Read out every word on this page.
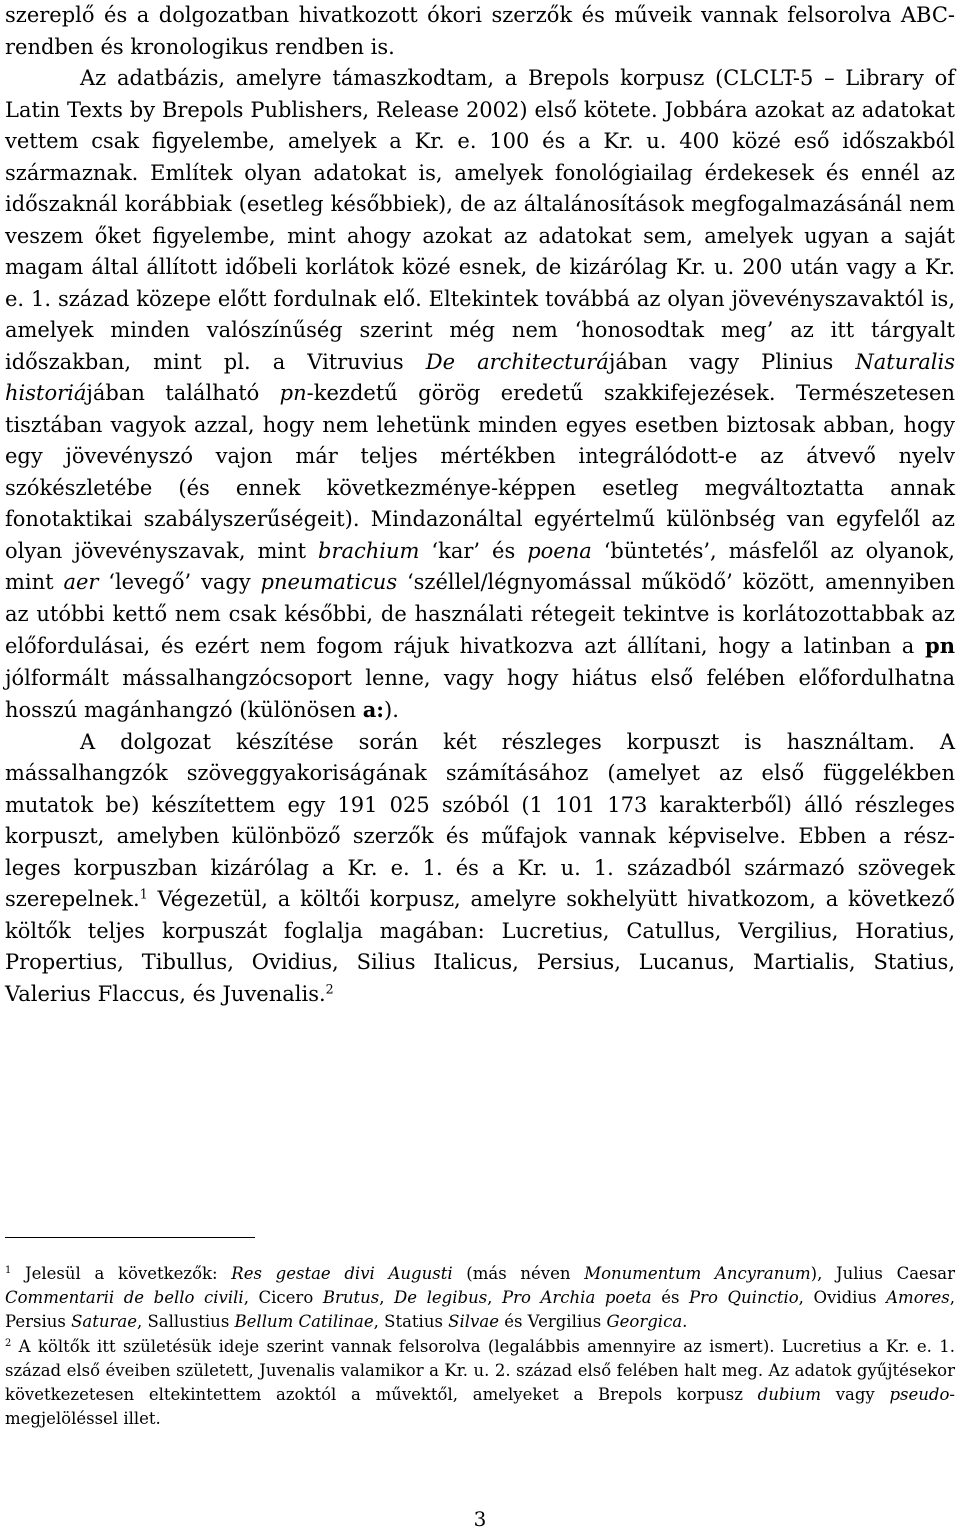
szereplő és a dolgozatban hivatkozott ókori szerzők és műveik vannak felsorolva ABC-rendben és kronologikus rendben is.

Az adatbázis, amelyre támaszkodtam, a Brepols korpusz (CLCLT-5 – Library of Latin Texts by Brepols Publishers, Release 2002) első kötete. Jobbára azokat az adatokat vettem csak figyelembe, amelyek a Kr. e. 100 és a Kr. u. 400 közé eső időszakból származnak. Említek olyan adatokat is, amelyek fonológiailag érdekesek és ennél az időszaknál korábbiak (esetleg későbbiek), de az általánosítások megfogalmazásánál nem veszem őket figyelembe, mint ahogy azokat az adatokat sem, amelyek ugyan a saját magam által állított időbeli korlátok közé esnek, de kizárólag Kr. u. 200 után vagy a Kr. e. 1. század közepe előtt fordulnak elő. Eltekintek továbbá az olyan jövevényszavaktól is, amelyek minden valószínűség szerint még nem ‘honosodtak meg’ az itt tárgyalt időszakban, mint pl. a Vitruvius De architecturájában vagy Plinius Naturalis historiájában található pn-kezdetű görög eredetű szakkifejezések. Természetesen tisztában vagyok azzal, hogy nem lehetünk minden egyes esetben biztosak abban, hogy egy jövevényszó vajon már teljes mértékben integrálódott-e az átvevő nyelv szókészletébe (és ennek következménye-képpen esetleg megváltoztatta annak fonotaktikai szabályszerűségeit). Mindazonáltal egyértelmű különbség van egyfelől az olyan jövevényszavak, mint brachium ‘kar’ és poena ‘büntetés’, másfelől az olyanok, mint aer ‘levegő’ vagy pneumaticus ‘széllel/légnyomással működő’ között, amennyiben az utóbbi kettő nem csak későbbi, de használati rétegeit tekintve is korlátozottabbak az előfordulásai, és ezért nem fogom rájuk hivatkozva azt állítani, hogy a latinban a pn jólformált mássalhangzócsoport lenne, vagy hogy hiátus első felében előfordulhatna hosszú magánhangzó (különösen a:).

A dolgozat készítése során két részleges korpuszt is használtam. A mássalhangzók szöveggyakoriságának számításához (amelyet az első függelékben mutatok be) készítettem egy 191 025 szóból (1 101 173 karakterből) álló részleges korpuszt, amelyben különböző szerzők és műfajok vannak képviselve. Ebben a rész-leges korpuszban kizárólag a Kr. e. 1. és a Kr. u. 1. századból származó szövegek szerepelnek.$^1$ Végezetül, a költői korpusz, amelyre sokhelyütt hivatkozom, a következő költők teljes korpuszát foglalja magában: Lucretius, Catullus, Vergilius, Horatius, Propertius, Tibullus, Ovidius, Silius Italicus, Persius, Lucanus, Martialis, Statius, Valerius Flaccus, és Juvenalis.$^2$

$^1$ Jelesül a következők: Res gestae divi Augusti (más néven Monumentum Ancyranum), Julius Caesar Commentarii de bello civili, Cicero Brutus, De legibus, Pro Archia poeta és Pro Quinctio, Ovidius Amores, Persius Saturae, Sallustius Bellum Catilinae, Statius Silvae és Vergilius Georgica.

$^2$ A költők itt születésük ideje szerint vannak felsorolva (legalábbis amennyire az ismert). Lucretius a Kr. e. 1. század első éveiben született, Juvenalis valamikor a Kr. u. 2. század első felében halt meg. Az adatok gyűjtésekor következetesen eltekintettem azoktól a művektől, amelyeket a Brepols korpusz dubium vagy pseudo- megjelöléssel illet.

3
